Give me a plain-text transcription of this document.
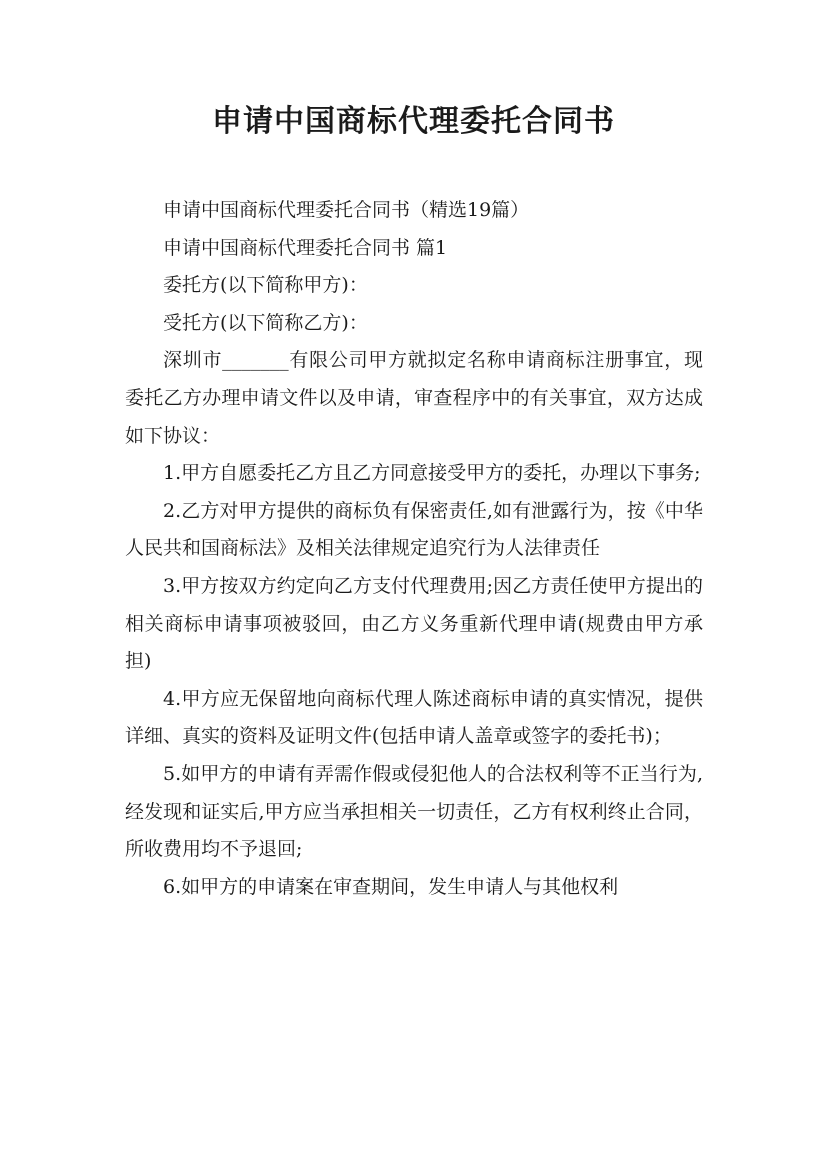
申请中国商标代理委托合同书

申请中国商标代理委托合同书（精选19篇）

申请中国商标代理委托合同书 篇1

委托方(以下简称甲方)：

受托方(以下简称乙方)：

深圳市_______有限公司甲方就拟定名称申请商标注册事宜，现委托乙方办理申请文件以及申请，审查程序中的有关事宜，双方达成如下协议：

1.甲方自愿委托乙方且乙方同意接受甲方的委托，办理以下事务;

2.乙方对甲方提供的商标负有保密责任,如有泄露行为，按《中华人民共和国商标法》及相关法律规定追究行为人法律责任

3.甲方按双方约定向乙方支付代理费用;因乙方责任使甲方提出的相关商标申请事项被驳回，由乙方义务重新代理申请(规费由甲方承担)

4.甲方应无保留地向商标代理人陈述商标申请的真实情况，提供详细、真实的资料及证明文件(包括申请人盖章或签字的委托书)；

5.如甲方的申请有弄需作假或侵犯他人的合法权利等不正当行为,经发现和证实后,甲方应当承担相关一切责任，乙方有权利终止合同，所收费用均不予退回;

6.如甲方的申请案在审查期间，发生申请人与其他权利
